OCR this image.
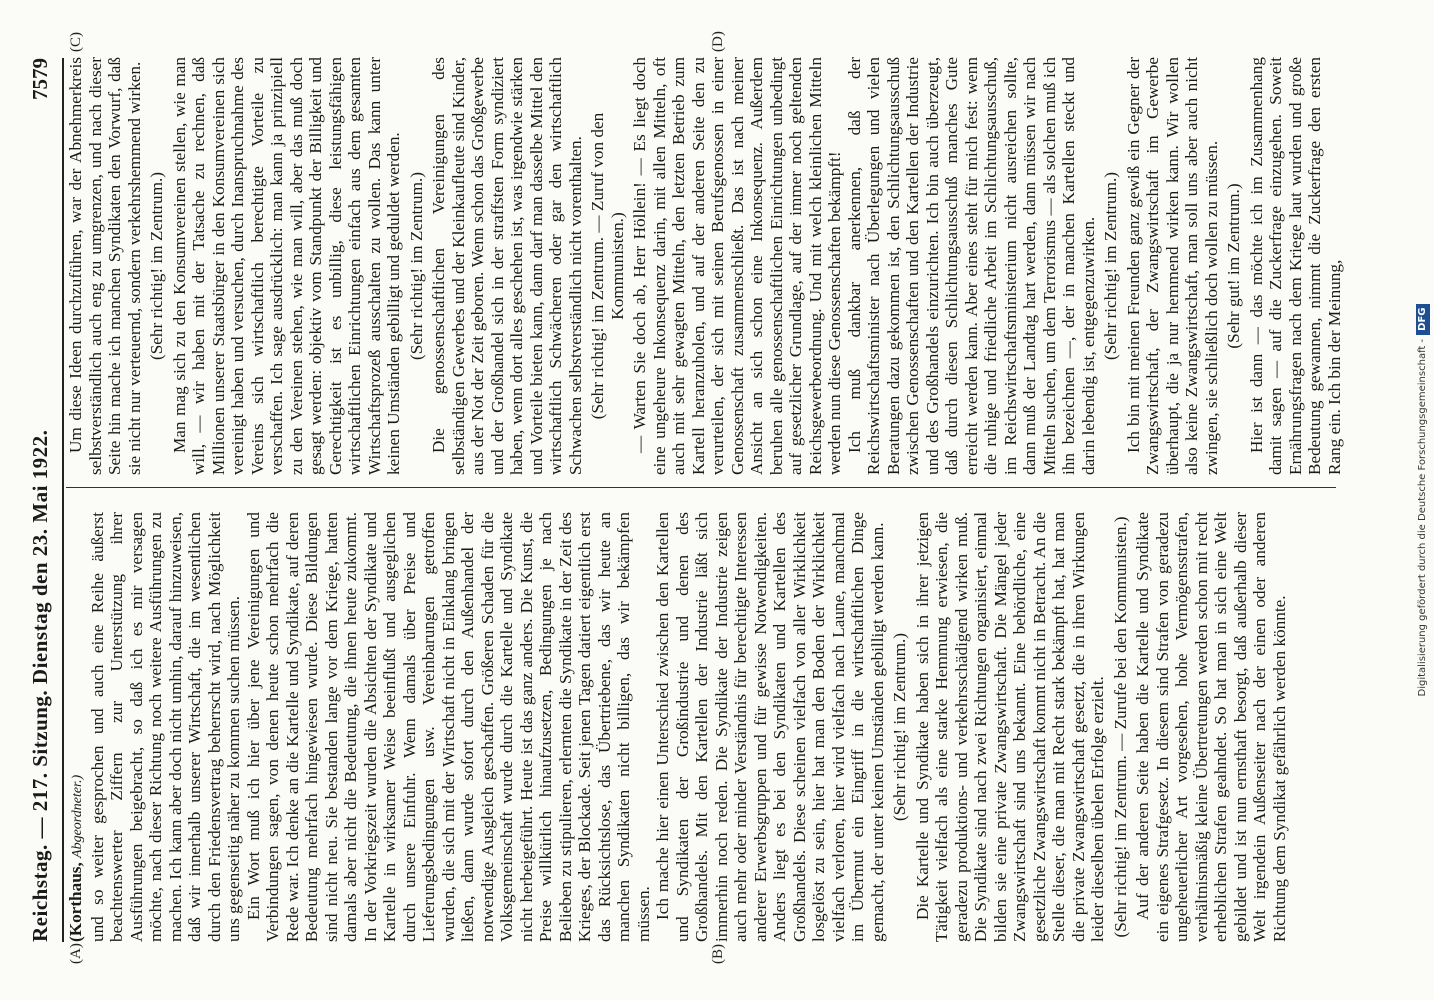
Reichstag. — 217. Sitzung. Dienstag den 23. Mai 1922.
7579
(A)	(B)
(C)	(D)

(Korthaus, Abgeordneter.) und so weiter gesprochen und auch eine Reihe äußerst beachtenswerter Ziffern zur Unterstützung ihrer Ausführungen beigebracht, so daß ich es mir versagen möchte, nach dieser Richtung noch weitere Ausführungen zu machen. Ich kann aber doch nicht umhin, darauf hinzuweisen, daß wir innerhalb unserer Wirtschaft, die im wesentlichen durch den Friedensvertrag beherrscht wird, nach Möglichkeit uns gegenseitig näher zu kommen suchen müssen. Ein Wort muß ich hier über jene Vereinigungen und Verbindungen sagen, von denen heute schon mehrfach die Rede war. Ich denke an die Kartelle und Syndikate, auf deren Bedeutung mehrfach hingewiesen wurde. Diese Bildungen sind nicht neu. Sie bestanden lange vor dem Kriege, hatten damals aber nicht die Bedeutung, die ihnen heute zukommt. In der Vorkriegszeit wurden die Absichten der Syndikate und Kartelle in wirksamer Weise beeinflußt und ausgeglichen durch unsere Einfuhr. Wenn damals über Preise und Lieferungsbedingungen usw. Vereinbarungen getroffen wurden, die sich mit der Wirtschaft nicht in Einklang bringen ließen, dann wurde sofort durch den Außenhandel der notwendige Ausgleich geschaffen. Größeren Schaden für die Volksgemeinschaft wurde durch die Kartelle und Syndikate nicht herbeigeführt. Heute ist das ganz anders. Die Kunst, die Preise willkürlich hinaufzusetzen, Bedingungen je nach Belieben zu stipulieren, erlernten die Syndikate in der Zeit des Krieges, der Blockade. Seit jenen Tagen datiert eigentlich erst das Rücksichtslose, das Übertriebene, das wir heute an manchen Syndikaten nicht billigen, das wir bekämpfen müssen. Ich mache hier einen Unterschied zwischen den Kartellen und Syndikaten der Großindustrie und denen des Großhandels. Mit den Kartellen der Industrie läßt sich immerhin noch reden. Die Syndikate der Industrie zeigen auch mehr oder minder Verständnis für berechtigte Interessen anderer Erwerbsgruppen und für gewisse Notwendigkeiten. Anders liegt es bei den Syndikaten und Kartellen des Großhandels. Diese scheinen vielfach von aller Wirklichkeit losgelöst zu sein, hier hat man den Boden der Wirklichkeit vielfach verloren, hier wird vielfach nach Laune, manchmal im Übermut ein Eingriff in die wirtschaftlichen Dinge gemacht, der unter keinen Umständen gebilligt werden kann. (Sehr richtig! im Zentrum.) Die Kartelle und Syndikate haben sich in ihrer jetzigen Tätigkeit vielfach als eine starke Hemmung erwiesen, die geradezu produktions- und verkehrsschädigend wirken muß. Die Syndikate sind nach zwei Richtungen organisiert, einmal bilden sie eine private Zwangswirtschaft. Die Mängel jeder Zwangswirtschaft sind uns bekannt. Eine behördliche, eine gesetzliche Zwangswirtschaft kommt nicht in Betracht. An die Stelle dieser, die man mit Recht stark bekämpft hat, hat man die private Zwangswirtschaft gesetzt, die in ihren Wirkungen leider dieselben übelen Erfolge erzielt. (Sehr richtig! im Zentrum. — Zurufe bei den Kommunisten.) Auf der anderen Seite haben die Kartelle und Syndikate ein eigenes Strafgesetz. In diesem sind Strafen von geradezu ungeheuerlicher Art vorgesehen, hohe Vermögensstrafen, verhältnismäßig kleine Übertretungen werden schon mit recht erheblichen Strafen geahndet. So hat man in sich eine Welt gebildet und ist nun ernsthaft besorgt, daß außerhalb dieser Welt irgendein Außenseiter nach der einen oder anderen Richtung dem Syndikat gefährlich werden könnte.

Um diese Ideen durchzuführen, war der Abnehmerkreis selbstverständlich auch eng zu umgrenzen, und nach dieser Seite hin mache ich manchen Syndikaten den Vorwurf, daß sie nicht nur verteuernd, sondern verkehrshemmend wirken. (Sehr richtig! im Zentrum.) Man mag sich zu den Konsumvereinen stellen, wie man will, — wir haben mit der Tatsache zu rechnen, daß Millionen unserer Staatsbürger in den Konsumvereinen sich vereinigt haben und versuchen, durch Inanspruchnahme des Vereins sich wirtschaftlich berechtigte Vorteile zu verschaffen. Ich sage ausdrücklich: man kann ja prinzipiell zu den Vereinen stehen, wie man will, aber das muß doch gesagt werden: objektiv vom Standpunkt der Billigkeit und Gerechtigkeit ist es unbillig, diese leistungsfähigen wirtschaftlichen Einrichtungen einfach aus dem gesamten Wirtschaftsprozeß ausschalten zu wollen. Das kann unter keinen Umständen gebilligt und geduldet werden. (Sehr richtig! im Zentrum.) Die genossenschaftlichen Vereinigungen des selbständigen Gewerbes und der Kleinkaufleute sind Kinder, aus der Not der Zeit geboren. Wenn schon das Großgewerbe und der Großhandel sich in der straffsten Form syndiziert haben, wenn dort alles geschehen ist, was irgendwie stärken und Vorteile bieten kann, dann darf man dasselbe Mittel den wirtschaftlich Schwächeren oder gar den wirtschaftlich Schwachen selbstverständlich nicht vorenthalten. (Sehr richtig! im Zentrum. — Zuruf von den Kommunisten.) — Warten Sie doch ab, Herr Höllein! — Es liegt doch eine ungeheure Inkonsequenz darin, mit allen Mitteln, oft auch mit sehr gewagten Mitteln, den letzten Betrieb zum Kartell heranzuholen, und auf der anderen Seite den zu verurteilen, der sich mit seinen Berufsgenossen in einer Genossenschaft zusammenschließt. Das ist nach meiner Ansicht an sich schon eine Inkonsequenz. Außerdem beruhen alle genossenschaftlichen Einrichtungen unbedingt auf gesetzlicher Grundlage, auf der immer noch geltenden Reichsgewerbeordnung. Und mit welch kleinlichen Mitteln werden nun diese Genossenschaften bekämpft! Ich muß dankbar anerkennen, daß der Reichswirtschaftsminister nach Überlegungen und vielen Beratungen dazu gekommen ist, den Schlichtungsausschuß zwischen Genossenschaften und den Kartellen der Industrie und des Großhandels einzurichten. Ich bin auch überzeugt, daß durch diesen Schlichtungsausschuß manches Gute erreicht werden kann. Aber eines steht für mich fest: wenn die ruhige und friedliche Arbeit im Schlichtungsausschuß, im Reichswirtschaftsministerium nicht ausreichen sollte, dann muß der Landtag hart werden, dann müssen wir nach Mitteln suchen, um dem Terrorismus — als solchen muß ich ihn bezeichnen —, der in manchen Kartellen steckt und darin lebendig ist, entgegenzuwirken. (Sehr richtig! im Zentrum.) Ich bin mit meinen Freunden ganz gewiß ein Gegner der Zwangswirtschaft, der Zwangswirtschaft im Gewerbe überhaupt, die ja nur hemmend wirken kann. Wir wollen also keine Zwangswirtschaft, man soll uns aber auch nicht zwingen, sie schließlich doch wollen zu müssen. (Sehr gut! im Zentrum.) Hier ist dann — das möchte ich im Zusammenhang damit sagen — auf die Zuckerfrage einzugehen. Soweit Ernährungsfragen nach dem Kriege laut wurden und große Bedeutung gewannen, nimmt die Zuckerfrage den ersten Rang ein. Ich bin der Meinung,	Digitalisierung gefördert durch die Deutsche Forschungsgemeinschaft -DFG
